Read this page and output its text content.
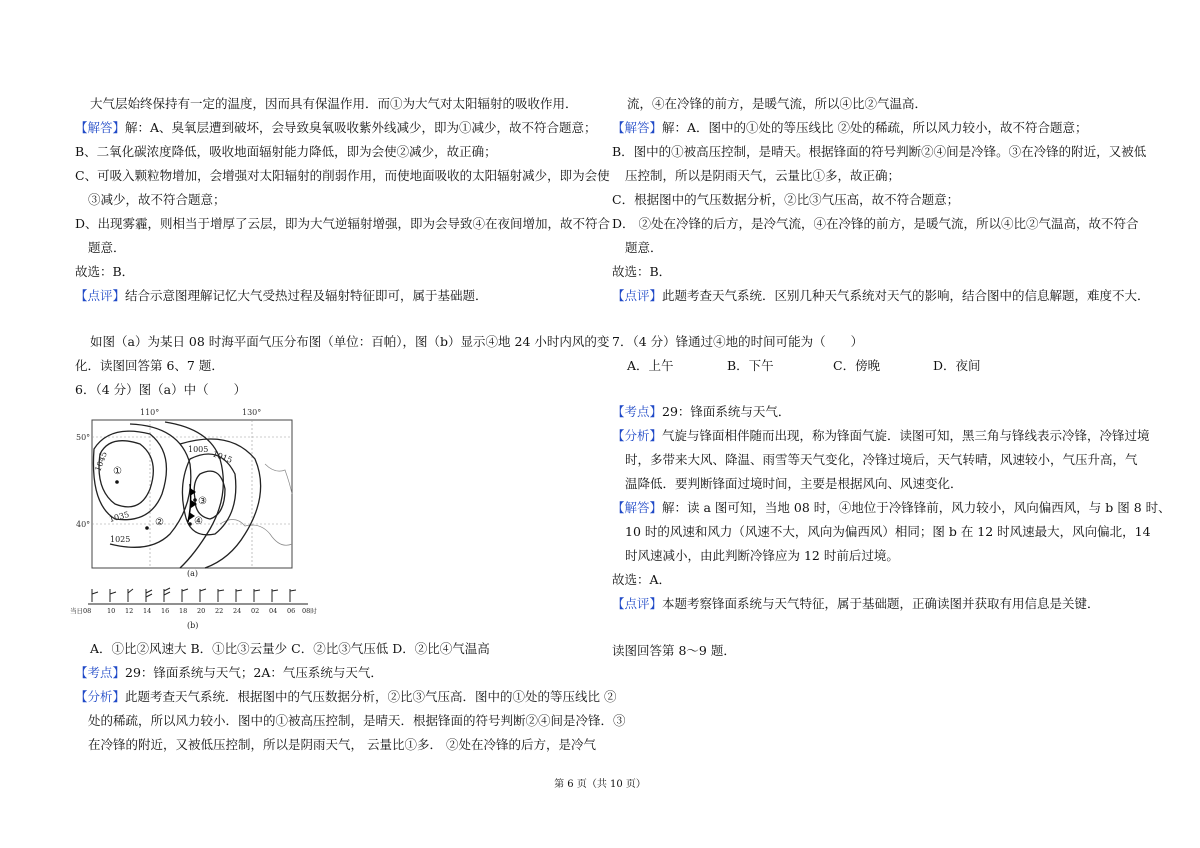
大气层始终保持有一定的温度，因而具有保温作用．而①为大气对太阳辐射的吸收作用．
【解答】解：A、臭氧层遭到破坏，会导致臭氧吸收紫外线减少，即为①减少，故不符合题意；
B、二氧化碳浓度降低，吸收地面辐射能力降低，即为会使②减少，故正确；
C、可吸入颗粒物增加，会增强对太阳辐射的削弱作用，而使地面吸收的太阳辐射减少，即为会使
③减少，故不符合题意；
D、出现雾霾，则相当于增厚了云层，即为大气逆辐射增强，即为会导致④在夜间增加，故不符合
题意．
故选：B．
【点评】结合示意图理解记忆大气受热过程及辐射特征即可，属于基础题．
如图（a）为某日 08 时海平面气压分布图（单位：百帕），图（b）显示④地 24 小时内风的变
化．读图回答第 6、7 题．
6．（4 分）图（a）中（　　）
A．①比②风速大 B．①比③云量少 C．②比③气压低 D．②比④气温高
【考点】29：锋面系统与天气；2A：气压系统与天气．
【分析】此题考查天气系统．根据图中的气压数据分析，②比③气压高．图中的①处的等压线比 ②
处的稀疏，所以风力较小．图中的①被高压控制，是晴天．根据锋面的符号判断②④间是冷锋．③
在冷锋的附近，又被低压控制，所以是阴雨天气， 云量比①多． ②处在冷锋的后方，是冷气
110°	130°
50°
40°
1045
1035
1025
1015
1005
①
②
③
④
(a)
当日08 10 12 14 16 18 20 22 24 02 04 06 08时
(b)
流，④在冷锋的前方，是暖气流，所以④比②气温高．
【解答】解：A．图中的①处的等压线比 ②处的稀疏，所以风力较小，故不符合题意；
B．图中的①被高压控制，是晴天。根据锋面的符号判断②④间是冷锋。③在冷锋的附近，又被低
压控制，所以是阴雨天气，云量比①多，故正确；
C．根据图中的气压数据分析，②比③气压高，故不符合题意；
D． ②处在冷锋的后方，是冷气流，④在冷锋的前方，是暖气流，所以④比②气温高，故不符合
题意．
故选：B．
【点评】此题考查天气系统．区别几种天气系统对天气的影响，结合图中的信息解题，难度不大．
7．（4 分）锋通过④地的时间可能为（　　）
A．上午	B．下午	C．傍晚	D．夜间
【考点】29：锋面系统与天气．
【分析】气旋与锋面相伴随而出现，称为锋面气旋．读图可知，黑三角与锋线表示冷锋，冷锋过境
时，多带来大风、降温、雨雪等天气变化，冷锋过境后，天气转晴，风速较小，气压升高，气
温降低．要判断锋面过境时间，主要是根据风向、风速变化．
【解答】解：读 a 图可知，当地 08 时，④地位于冷锋锋前，风力较小，风向偏西风，与 b 图 8 时、
10 时的风速和风力（风速不大，风向为偏西风）相同；图 b 在 12 时风速最大，风向偏北，14
时风速减小，由此判断冷锋应为 12 时前后过境。
故选：A．
【点评】本题考察锋面系统与天气特征，属于基础题，正确读图并获取有用信息是关键．
读图回答第 8～9 题．
第 6 页（共 10 页）
